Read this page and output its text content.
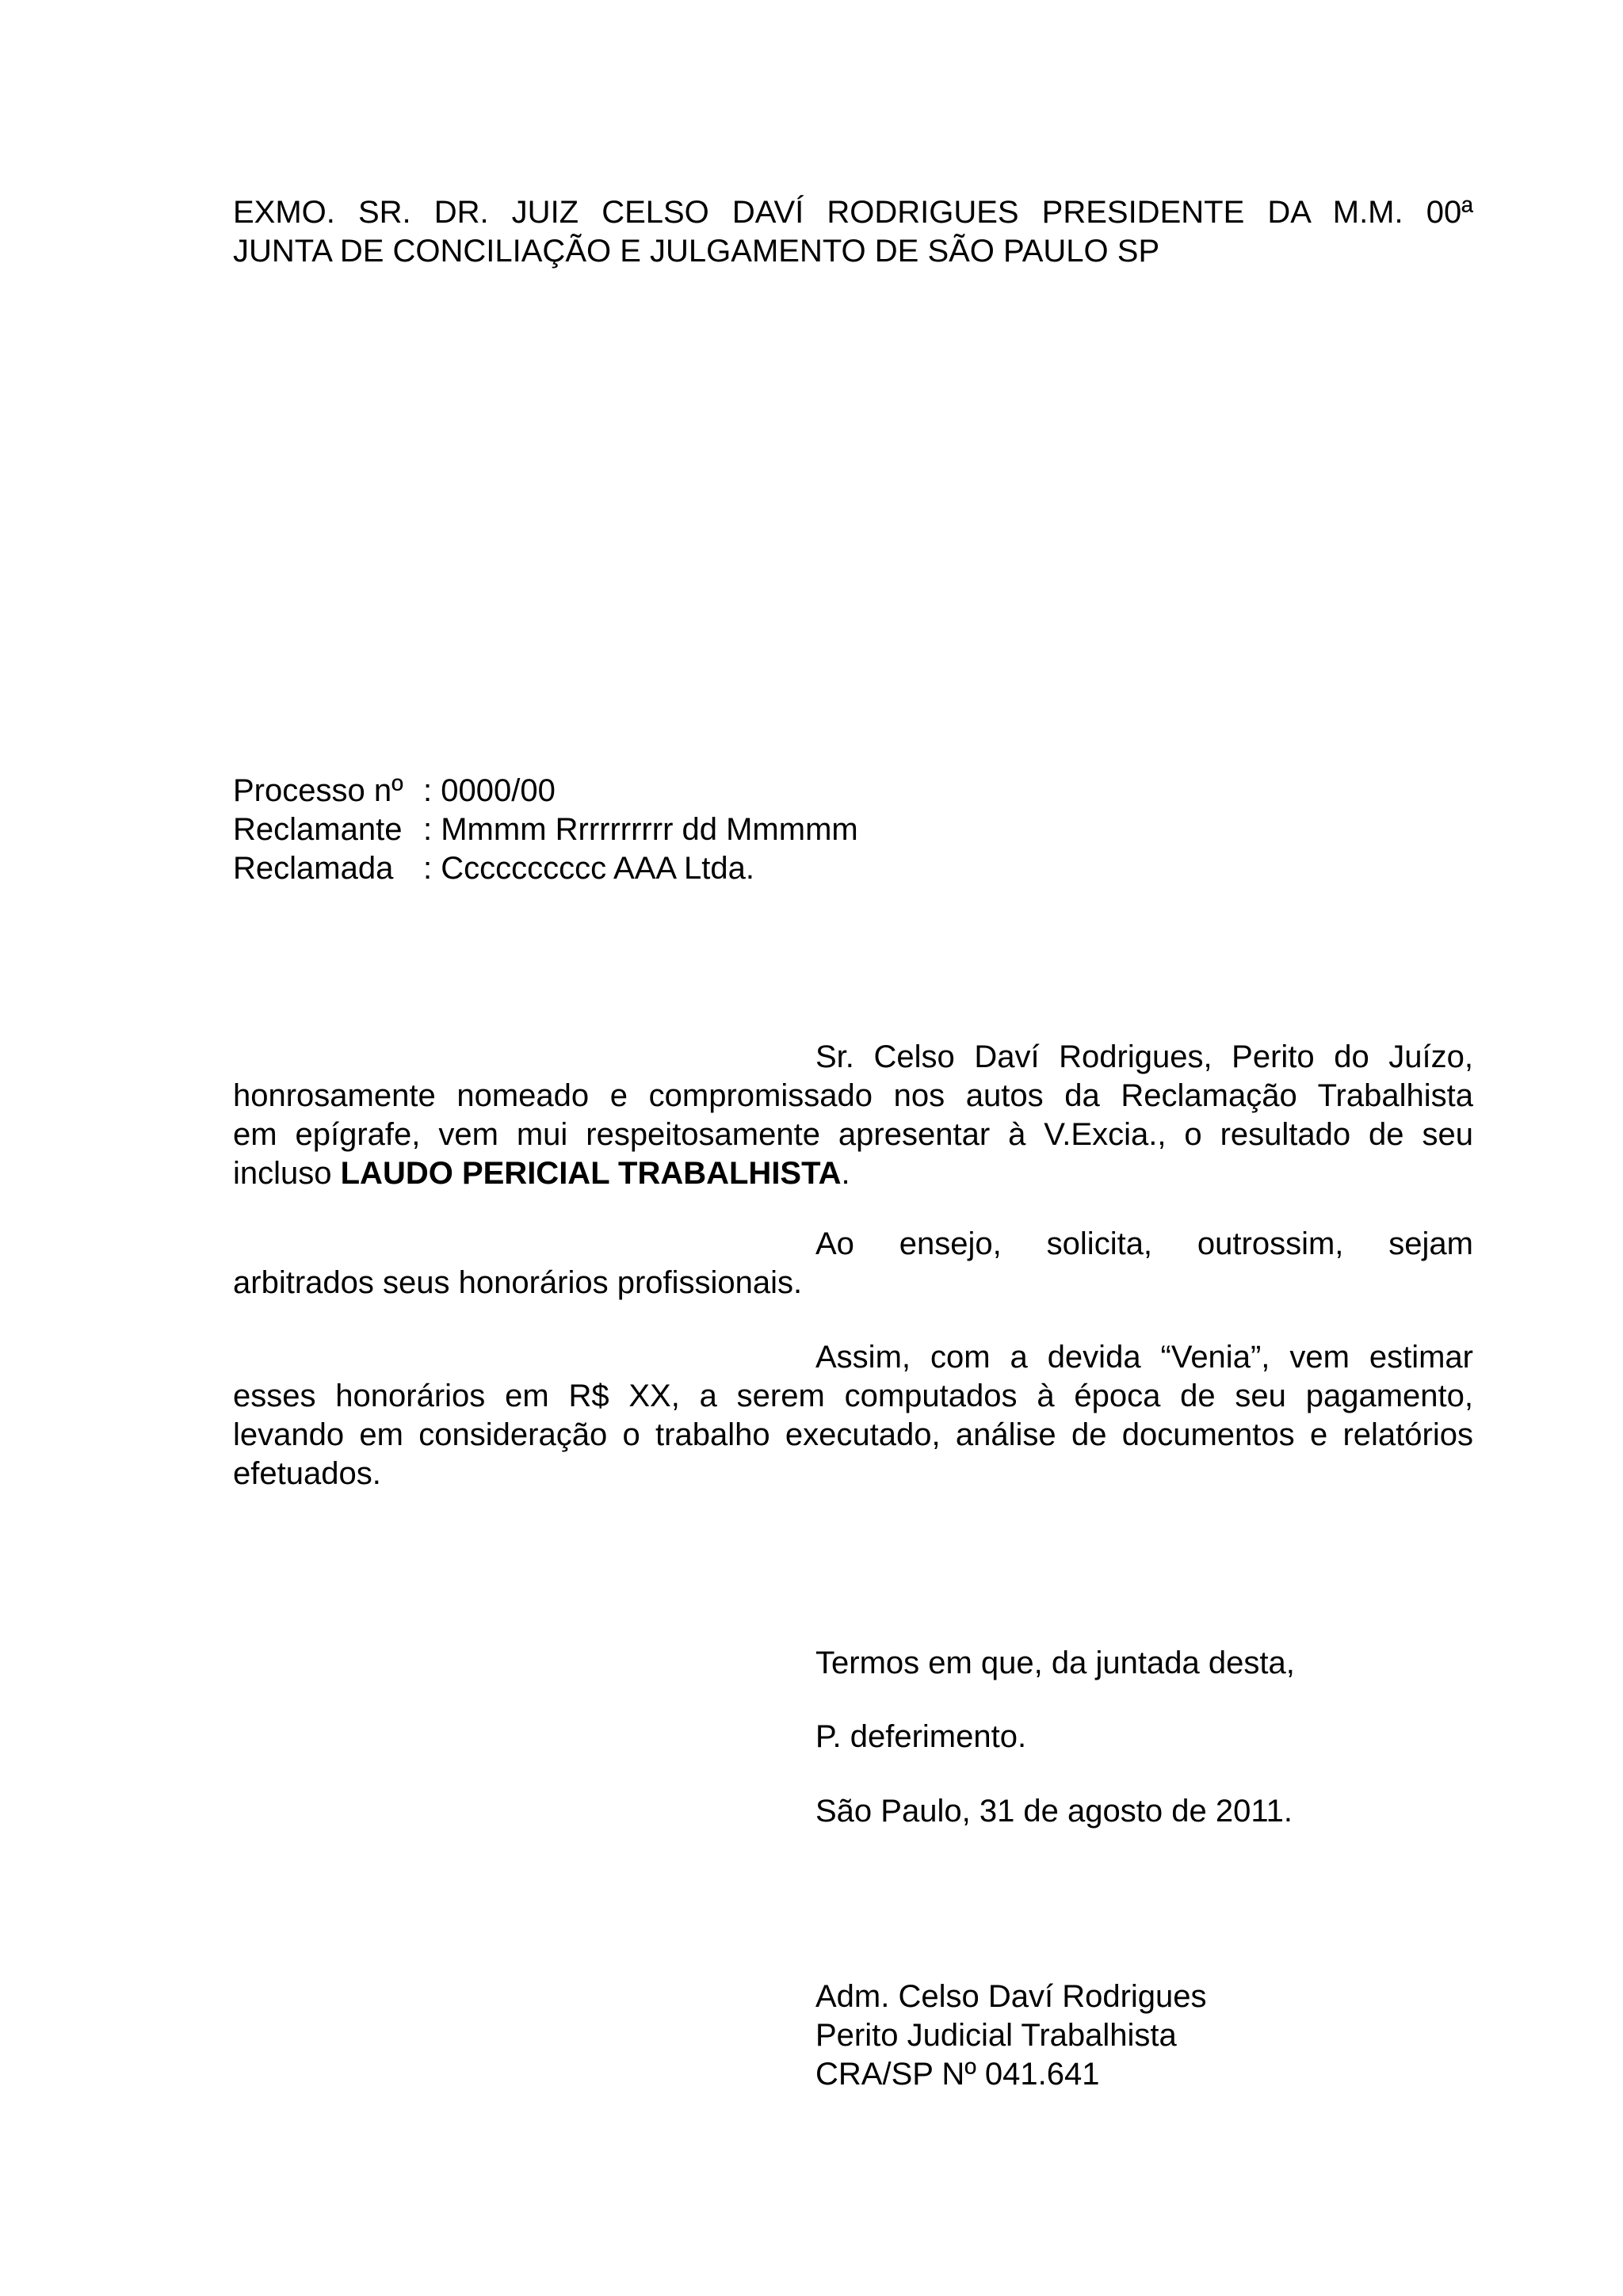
EXMO. SR. DR. JUIZ CELSO DAVÍ RODRIGUES PRESIDENTE DA M.M. 00ª
JUNTA DE CONCILIAÇÃO E JULGAMENTO DE SÃO PAULO SP
Processo nº : 0000/00
Reclamante : Mmmm Rrrrrrrrrr dd Mmmmm
Reclamada : Cccccccccc AAA Ltda.
Sr. Celso Daví Rodrigues, Perito do Juízo,
honrosamente nomeado e compromissado nos autos da Reclamação Trabalhista
em epígrafe, vem mui respeitosamente apresentar à V.Excia., o resultado de seu
incluso LAUDO PERICIAL TRABALHISTA.
Ao ensejo, solicita, outrossim, sejam
arbitrados seus honorários profissionais.
Assim, com a devida “Venia”, vem estimar
esses honorários em R$ XX, a serem computados à época de seu pagamento,
levando em consideração o trabalho executado, análise de documentos e relatórios
efetuados.
Termos em que, da juntada desta,
P. deferimento.
São Paulo, 31 de agosto de 2011.
Adm. Celso Daví Rodrigues
Perito Judicial Trabalhista
CRA/SP Nº 041.641
